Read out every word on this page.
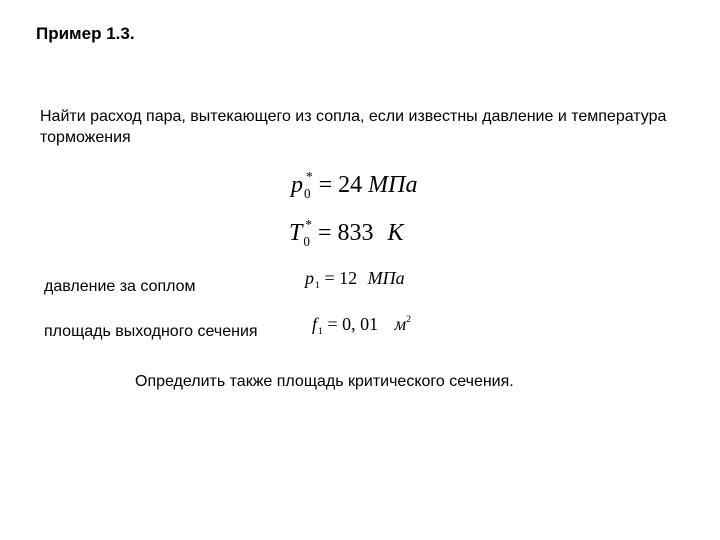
Пример 1.3.
Найти расход пара, вытекающего из сопла, если известны давление и температура торможения
$p_0^* = 24$ МПа
$T_0^* = 833$ К
давление за соплом	$p_1 = 12$ МПа
площадь выходного сечения	$f_1 = 0$, 01 $м^2$
Определить также площадь критического сечения.
